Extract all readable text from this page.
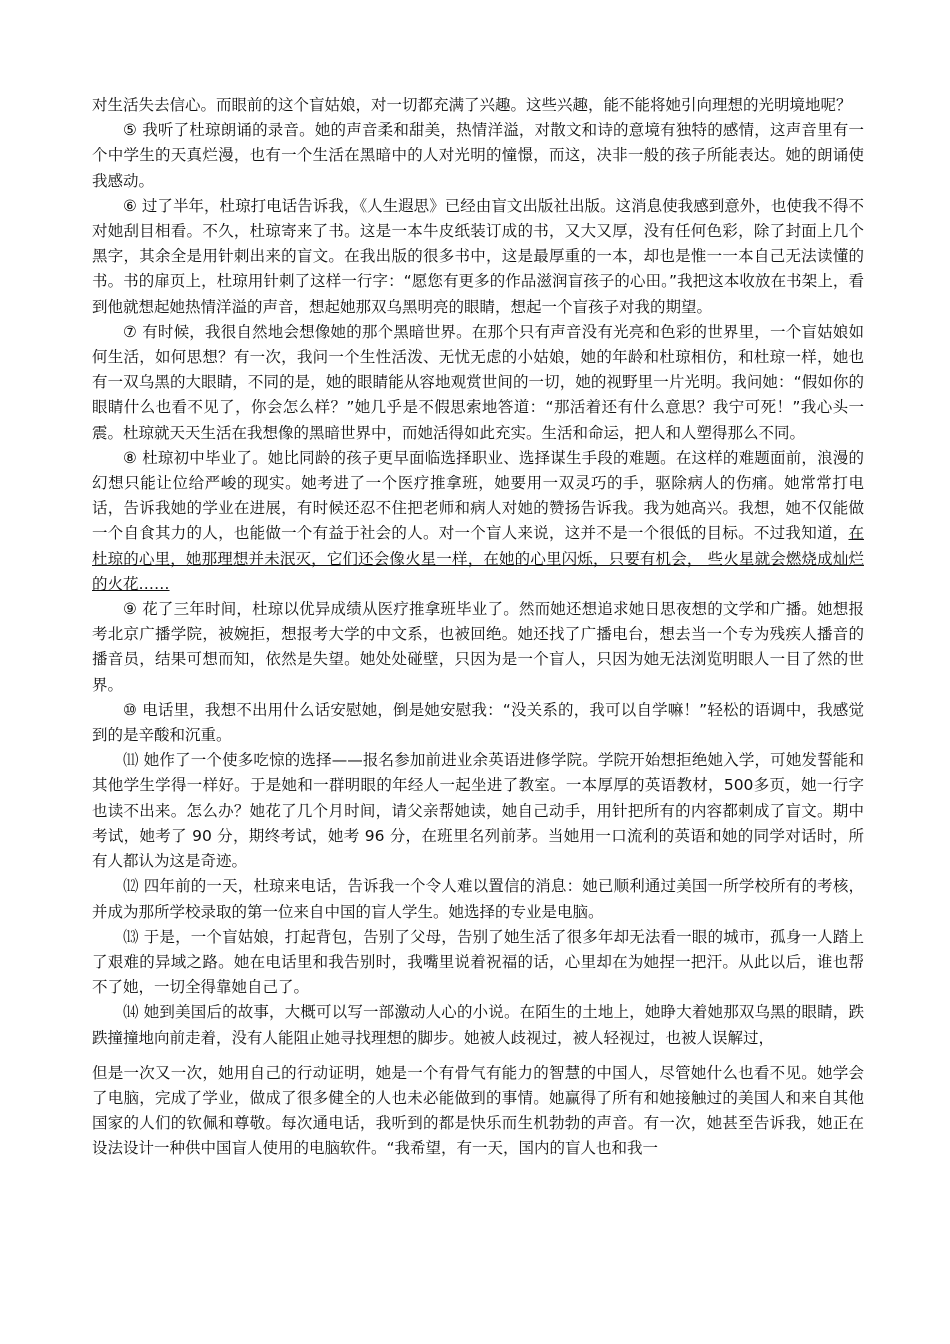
对生活失去信心。而眼前的这个盲姑娘，对一切都充满了兴趣。这些兴趣，能不能将她引向理想的光明境地呢？

⑤ 我听了杜琼朗诵的录音。她的声音柔和甜美，热情洋溢，对散文和诗的意境有独特的感情，这声音里有一个中学生的天真烂漫，也有一个生活在黑暗中的人对光明的憧憬，而这，决非一般的孩子所能表达。她的朗诵使我感动。

⑥ 过了半年，杜琼打电话告诉我，《人生遐思》已经由盲文出版社出版。这消息使我感到意外，也使我不得不对她刮目相看。不久，杜琼寄来了书。这是一本牛皮纸装订成的书，又大又厚，没有任何色彩，除了封面上几个黑字，其余全是用针刺出来的盲文。在我出版的很多书中，这是最厚重的一本，却也是惟一一本自己无法读懂的书。书的扉页上，杜琼用针刺了这样一行字：“愿您有更多的作品滋润盲孩子的心田。”我把这本收放在书架上，看到他就想起她热情洋溢的声音，想起她那双乌黑明亮的眼睛，想起一个盲孩子对我的期望。

⑦ 有时候，我很自然地会想像她的那个黑暗世界。在那个只有声音没有光亮和色彩的世界里，一个盲姑娘如何生活，如何思想？有一次，我问一个生性活泼、无忧无虑的小姑娘，她的年龄和杜琼相仿，和杜琼一样，她也有一双乌黑的大眼睛，不同的是，她的眼睛能从容地观赏世间的一切，她的视野里一片光明。我问她：“假如你的眼睛什么也看不见了，你会怎么样？”她几乎是不假思索地答道：“那活着还有什么意思？我宁可死！”我心头一震。杜琼就天天生活在我想像的黑暗世界中，而她活得如此充实。生活和命运，把人和人塑得那么不同。

⑧ 杜琼初中毕业了。她比同龄的孩子更早面临选择职业、选择谋生手段的难题。在这样的难题面前，浪漫的幻想只能让位给严峻的现实。她考进了一个医疗推拿班，她要用一双灵巧的手，驱除病人的伤痛。她常常打电话，告诉我她的学业在进展，有时候还忍不住把老师和病人对她的赞扬告诉我。我为她高兴。我想，她不仅能做一个自食其力的人，也能做一个有益于社会的人。对一个盲人来说，这并不是一个很低的目标。不过我知道，在杜琼的心里，她那理想并未泯灭，它们还会像火星一样，在她的心里闪烁，只要有机会， 些火星就会燃烧成灿烂的火花……

⑨ 花了三年时间，杜琼以优异成绩从医疗推拿班毕业了。然而她还想追求她日思夜想的文学和广播。她想报考北京广播学院，被婉拒，想报考大学的中文系，也被回绝。她还找了广播电台，想去当一个专为残疾人播音的播音员，结果可想而知，依然是失望。她处处碰壁，只因为是一个盲人，只因为她无法浏览明眼人一目了然的世界。

⑩ 电话里，我想不出用什么话安慰她，倒是她安慰我：“没关系的，我可以自学嘛！”轻松的语调中，我感觉到的是辛酸和沉重。

⑾ 她作了一个使多吃惊的选择——报名参加前进业余英语进修学院。学院开始想拒绝她入学，可她发誓能和其他学生学得一样好。于是她和一群明眼的年经人一起坐进了教室。一本厚厚的英语教材，500多页，她一行字也读不出来。怎么办？她花了几个月时间，请父亲帮她读，她自己动手，用针把所有的内容都刺成了盲文。期中考试，她考了 90 分，期终考试，她考 96 分，在班里名列前茅。当她用一口流利的英语和她的同学对话时，所有人都认为这是奇迹。

⑿ 四年前的一天，杜琼来电话，告诉我一个令人难以置信的消息：她已顺利通过美国一所学校所有的考核，并成为那所学校录取的第一位来自中国的盲人学生。她选择的专业是电脑。

⒀ 于是，一个盲姑娘，打起背包，告别了父母，告别了她生活了很多年却无法看一眼的城市，孤身一人踏上了艰难的异域之路。她在电话里和我告别时，我嘴里说着祝福的话，心里却在为她捏一把汗。从此以后，谁也帮不了她，一切全得靠她自己了。

⒁ 她到美国后的故事，大概可以写一部激动人心的小说。在陌生的土地上，她睁大着她那双乌黑的眼睛，跌跌撞撞地向前走着，没有人能阻止她寻找理想的脚步。她被人歧视过，被人轻视过，也被人误解过，

但是一次又一次，她用自己的行动证明，她是一个有骨气有能力的智慧的中国人，尽管她什么也看不见。她学会了电脑，完成了学业，做成了很多健全的人也未必能做到的事情。她赢得了所有和她接触过的美国人和来自其他国家的人们的钦佩和尊敬。每次通电话，我听到的都是快乐而生机勃勃的声音。有一次，她甚至告诉我，她正在设法设计一种供中国盲人使用的电脑软件。“我希望，有一天，国内的盲人也和我一
